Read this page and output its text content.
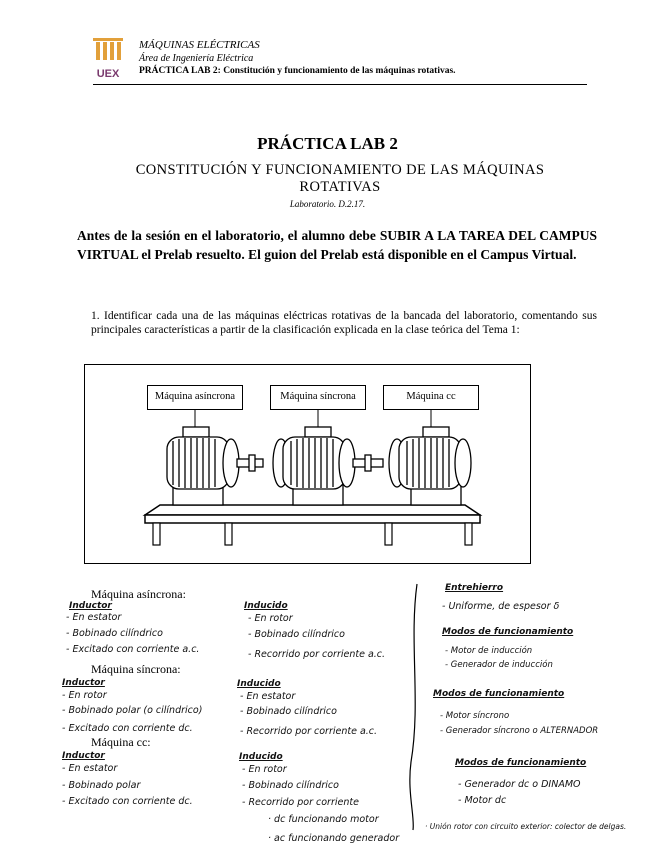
UEX
MÁQUINAS ELÉCTRICAS
Área de Ingeniería Eléctrica
PRÁCTICA LAB 2: Constitución y funcionamiento de las máquinas rotativas.
PRÁCTICA LAB 2
CONSTITUCIÓN Y FUNCIONAMIENTO DE LAS MÁQUINAS ROTATIVAS
Laboratorio. D.2.17.
Antes de la sesión en el laboratorio, el alumno debe SUBIR A LA TAREA DEL CAMPUS VIRTUAL el Prelab resuelto. El guion del Prelab está disponible en el Campus Virtual.
1. Identificar cada una de las máquinas eléctricas rotativas de la bancada del laboratorio, comentando sus principales características a partir de la clasificación explicada en la clase teórica del Tema 1:
Máquina asíncrona	Máquina síncrona	Máquina cc
Máquina asíncrona:
Inductor
- En estator
- Bobinado cilíndrico
- Excitado con corriente a.c.
Inducido
- En rotor
- Bobinado cilíndrico
- Recorrido por corriente a.c.
Máquina síncrona:
Inductor
- En rotor
- Bobinado polar (o cilíndrico)
- Excitado con corriente dc.
Inducido
- En estator
- Bobinado cilíndrico
- Recorrido por corriente a.c.
Máquina cc:
Inductor
- En estator
- Bobinado polar
- Excitado con corriente dc.
Inducido
- En rotor
- Bobinado cilíndrico
- Recorrido por corriente
· dc funcionando motor
· ac funcionando generador
Entrehierro
- Uniforme, de espesor δ
Modos de funcionamiento
- Motor de inducción
- Generador de inducción
Modos de funcionamiento
- Motor síncrono
- Generador síncrono o ALTERNADOR
Modos de funcionamiento
- Generador dc o DINAMO
- Motor dc
· Unión rotor con circuito exterior: colector de delgas.
